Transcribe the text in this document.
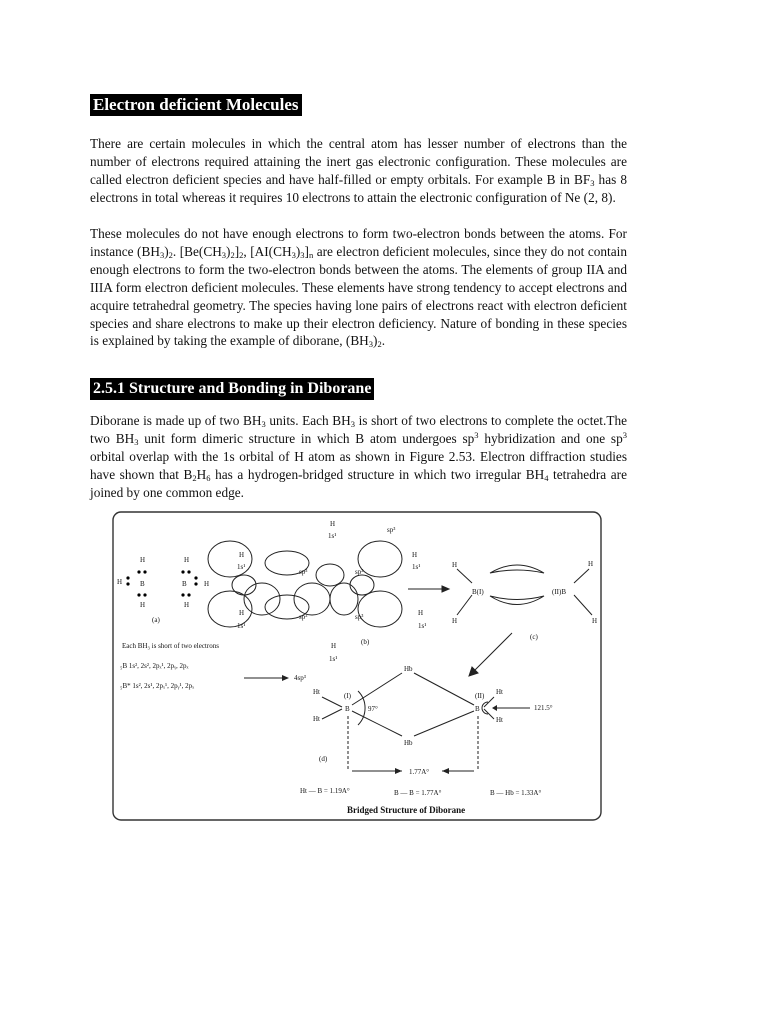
Electron deficient Molecules

There are certain molecules in which the central atom has lesser number of electrons than the number of electrons required attaining the inert gas electronic configuration. These molecules are called electron deficient species and have half-filled or empty orbitals. For example B in $BF_3$ has 8 electrons in total whereas it requires 10 electrons to attain the electronic configuration of Ne (2, 8).

These molecules do not have enough electrons to form two-electron bonds between the atoms. For instance $(BH_3)_2$. $[Be(CH_3)_2]_2$, $[AI(CH_3)_3]_n$ are electron deficient molecules, since they do not contain enough electrons to form the two-electron bonds between the atoms. The elements of group IIA and IIIA form electron deficient molecules. These elements have strong tendency to accept electrons and acquire tetrahedral geometry. The species having lone pairs of electrons react with electron deficient species and share electrons to make up their electron deficiency. Nature of bonding in these species is explained by taking the example of diborane, $(BH_3)_2$.

2.5.1 Structure and Bonding in Diborane

Diborane is made up of two $BH_3$ units. Each $BH_3$ is short of two electrons to complete the octet.The two $BH_3$ unit form dimeric structure in which B atom undergoes $sp^3$ hybridization and one $sp^3$ orbital overlap with the 1s orbital of H atom as shown in Figure 2.53. Electron diffraction studies have shown that $B_2H_6$ has a hydrogen-bridged structure in which two irregular $BH_4$ tetrahedra are joined by one common edge.

H
H	B
H
H
B H
H
(a)
H
1s¹
sp³
H
1s¹
sp³	sp³
H
1s¹
H
1s¹
sp³	sp³	H
1s¹
H
1s¹
(b)
H
H
B(I)	(II)B
H
H
(c)
Each BH₃ is short of two electrons
₅B 1s², 2s², 2pₓ¹, 2pᵧ, 2pₓ
₅B* 1s², 2s¹, 2pₓ¹, 2pᵧ¹, 2pₓ
4sp³
Ht
Ht
(I)
B	97°
Hb
Hb
(II)
B
Ht
Ht
121.5°
(d)
1.77A°
Ht — B = 1.19A°	B — B = 1.77A°	B — Hb = 1.33A°
Bridged Structure of Diborane
